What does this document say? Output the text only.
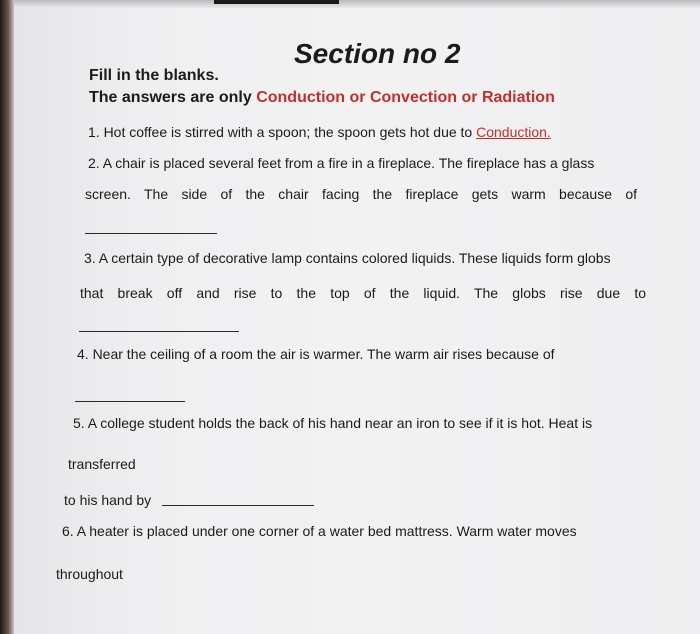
Section no 2
Fill in the blanks.
The answers are only Conduction or Convection or Radiation
1. Hot coffee is stirred with a spoon; the spoon gets hot due to Conduction.
2. A chair is placed several feet from a fire in a fireplace. The fireplace has a glass
screen. The side of the chair facing the fireplace gets warm because of
3. A certain type of decorative lamp contains colored liquids. These liquids form globs
that break off and rise to the top of the liquid. The globs rise due to
4. Near the ceiling of a room the air is warmer. The warm air rises because of
5. A college student holds the back of his hand near an iron to see if it is hot. Heat is
transferred
to his hand by
6. A heater is placed under one corner of a water bed mattress. Warm water moves
throughout
